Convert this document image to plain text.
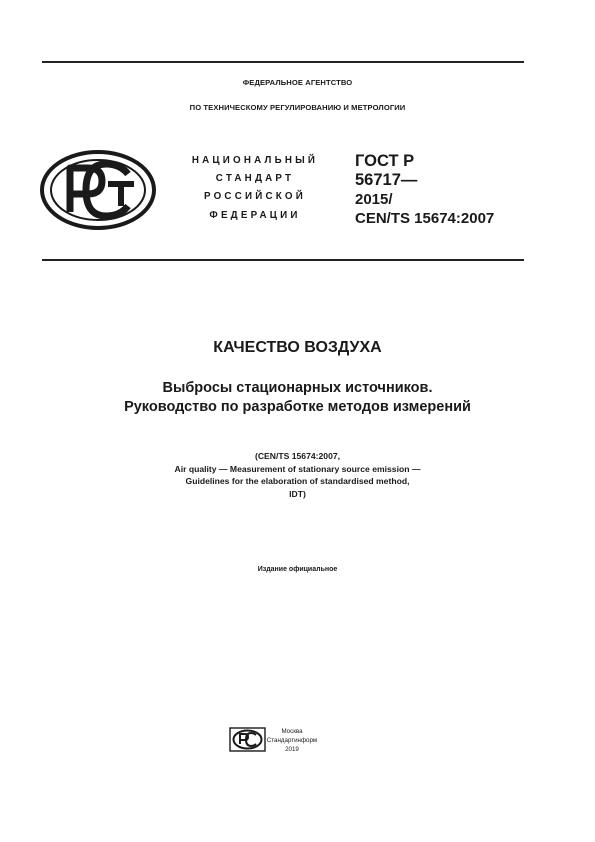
ФЕДЕРАЛЬНОЕ АГЕНТСТВО
ПО ТЕХНИЧЕСКОМУ РЕГУЛИРОВАНИЮ И МЕТРОЛОГИИ
НАЦИОНАЛЬНЫЙ
СТАНДАРТ
РОССИЙСКОЙ
ФЕДЕРАЦИИ
ГОСТ Р
56717—
2015/
CEN/TS 15674:2007
КАЧЕСТВО ВОЗДУХА
Выбросы стационарных источников.
Руководство по разработке методов измерений
(CEN/TS 15674:2007,
Air quality — Measurement of stationary source emission —
Guidelines for the elaboration of standardised method,
IDT)
Издание официальное
Москва
Стандартинформ
2019
